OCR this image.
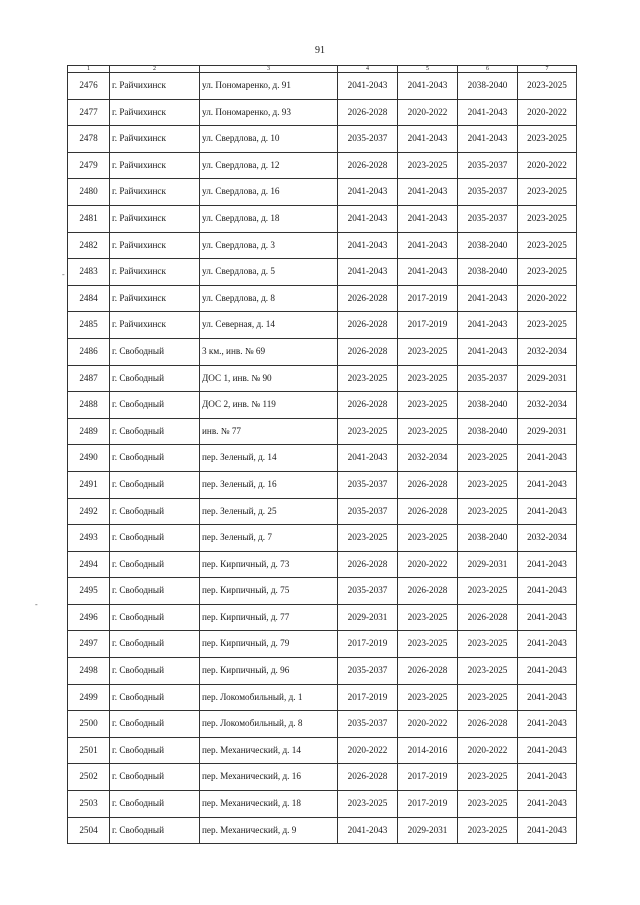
91
1	2	3	4	5	6	7
2476	г. Райчихинск	ул. Пономаренко, д. 91	2041-2043	2041-2043	2038-2040	2023-2025
2477	г. Райчихинск	ул. Пономаренко, д. 93	2026-2028	2020-2022	2041-2043	2020-2022
2478	г. Райчихинск	ул. Свердлова, д. 10	2035-2037	2041-2043	2041-2043	2023-2025
2479	г. Райчихинск	ул. Свердлова, д. 12	2026-2028	2023-2025	2035-2037	2020-2022
2480	г. Райчихинск	ул. Свердлова, д. 16	2041-2043	2041-2043	2035-2037	2023-2025
2481	г. Райчихинск	ул. Свердлова, д. 18	2041-2043	2041-2043	2035-2037	2023-2025
2482	г. Райчихинск	ул. Свердлова, д. 3	2041-2043	2041-2043	2038-2040	2023-2025
2483	г. Райчихинск	ул. Свердлова, д. 5	2041-2043	2041-2043	2038-2040	2023-2025
2484	г. Райчихинск	ул. Свердлова, д. 8	2026-2028	2017-2019	2041-2043	2020-2022
2485	г. Райчихинск	ул. Северная, д. 14	2026-2028	2017-2019	2041-2043	2023-2025
2486	г. Свободный	3 км., инв. № 69	2026-2028	2023-2025	2041-2043	2032-2034
2487	г. Свободный	ДОС 1, инв. № 90	2023-2025	2023-2025	2035-2037	2029-2031
2488	г. Свободный	ДОС 2, инв. № 119	2026-2028	2023-2025	2038-2040	2032-2034
2489	г. Свободный	инв. № 77	2023-2025	2023-2025	2038-2040	2029-2031
2490	г. Свободный	пер. Зеленый, д. 14	2041-2043	2032-2034	2023-2025	2041-2043
2491	г. Свободный	пер. Зеленый, д. 16	2035-2037	2026-2028	2023-2025	2041-2043
2492	г. Свободный	пер. Зеленый, д. 25	2035-2037	2026-2028	2023-2025	2041-2043
2493	г. Свободный	пер. Зеленый, д. 7	2023-2025	2023-2025	2038-2040	2032-2034
2494	г. Свободный	пер. Кирпичный, д. 73	2026-2028	2020-2022	2029-2031	2041-2043
2495	г. Свободный	пер. Кирпичный, д. 75	2035-2037	2026-2028	2023-2025	2041-2043
2496	г. Свободный	пер. Кирпичный, д. 77	2029-2031	2023-2025	2026-2028	2041-2043
2497	г. Свободный	пер. Кирпичный, д. 79	2017-2019	2023-2025	2023-2025	2041-2043
2498	г. Свободный	пер. Кирпичный, д. 96	2035-2037	2026-2028	2023-2025	2041-2043
2499	г. Свободный	пер. Локомобильный, д. 1	2017-2019	2023-2025	2023-2025	2041-2043
2500	г. Свободный	пер. Локомобильный, д. 8	2035-2037	2020-2022	2026-2028	2041-2043
2501	г. Свободный	пер. Механический, д. 14	2020-2022	2014-2016	2020-2022	2041-2043
2502	г. Свободный	пер. Механический, д. 16	2026-2028	2017-2019	2023-2025	2041-2043
2503	г. Свободный	пер. Механический, д. 18	2023-2025	2017-2019	2023-2025	2041-2043
2504	г. Свободный	пер. Механический, д. 9	2041-2043	2029-2031	2023-2025	2041-2043
-
-
